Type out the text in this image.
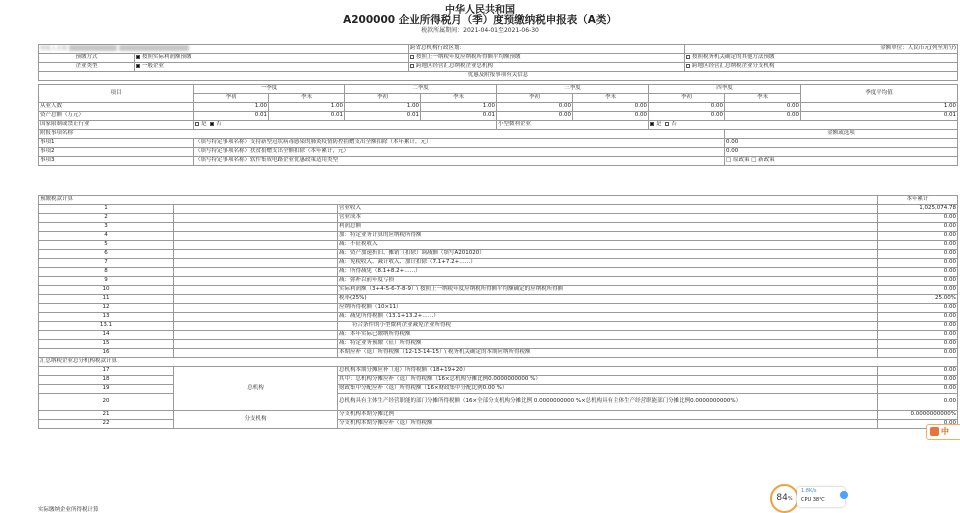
中华人民共和国
A200000 企业所得税月（季）度预缴纳税申报表（A类）
税款所属期间：2021-04-01至2021-06-30
纳税人名称		跨省总机构行政区划：	金额单位：人民币元(列至角分)
预缴方式	按照实际利润额预缴	按照上一纳税年度应纳税所得额平均额预缴	按照税务机关确定的其他方法预缴
企业类型	一般企业	跨地区经营汇总纳税企业总机构	跨地区经营汇总纳税企业分支机构
优惠及附报事项有关信息			
项目	一季度		二季度		三季度		四季度		季度平均值
	季初	季末	季初	季末	季初	季末	季初	季末	
从业人数	1.00	1.00	1.00	1.00	0.00	0.00	0.00	0.00	1.00
资产总额（万元）	0.01	0.01	0.01	0.01	0.00	0.00	0.00	0.00	0.01
国家限制或禁止行业	是 否				小型微利企业		是 否		
附报事项名称								金额或选项	
事项1	（填写特定事项名称）支持新型冠状病毒感染的肺炎疫情防控捐赠支出全额扣除（本年累计，元）							0.00	
事项2	（填写特定事项名称）扶贫捐赠支出全额扣除（本年累计，元）							0.00	
事项3	（填写特定事项名称）软件集成电路企业优惠政策适用类型							□ 原政策 □ 新政策	
预缴税款计算			本年累计
1		营业收入	1,025,074.78
2		营业成本	0.00
3		利润总额	0.00
4		加：特定业务计算的应纳税所得额	0.00
5		减：不征税收入	0.00
6		减：资产加速折旧、摊销（扣除）调减额（填写A201020）	0.00
7		减：免税收入、减计收入、加计扣除（7.1+7.2+……）	0.00
8		减：所得减免（8.1+8.2+……）	0.00
9		减：弥补以前年度亏损	0.00
10		实际利润额（3+4-5-6-7-8-9）\ 按照上一纳税年度应纳税所得额平均额确定的应纳税所得额	0.00
11		税率(25%)	25.00%
12		应纳所得税额（10×11）	0.00
13		减：减免所得税额（13.1+13.2+……）	0.00
13.1		符合条件的小型微利企业减免企业所得税	0.00
14		减：本年实际已缴纳所得税额	0.00
15		减：特定业务预缴（征）所得税额	0.00
16		本期应补（退）所得税额（12-13-14-15）\ 税务机关确定的本期应纳所得税额	0.00
汇总纳税企业总分机构税款计算			
17	总机构	总机构本期分摊应补（退）所得税额（18+19+20）	0.00
18		其中：总机构分摊应补（退）所得税额（16×总机构分摊比例0.0000000000 %）	0.00
19		财政集中分配应补（退）所得税额（16×财政集中分配比例0.00 %）	0.00
20		总机构具有主体生产经营职能的部门分摊所得税额（16×全部分支机构分摊比例 0.0000000000 %×总机构具有主体生产经营职能部门分摊比例0.0000000000%）	0.00
21	分支机构	分支机构本期分摊比例	0.0000000000%
22		分支机构本期分摊应补（退）所得税额	
实际缴纳企业所得税计算
中
84%
1.8K/s
CPU 38℃
